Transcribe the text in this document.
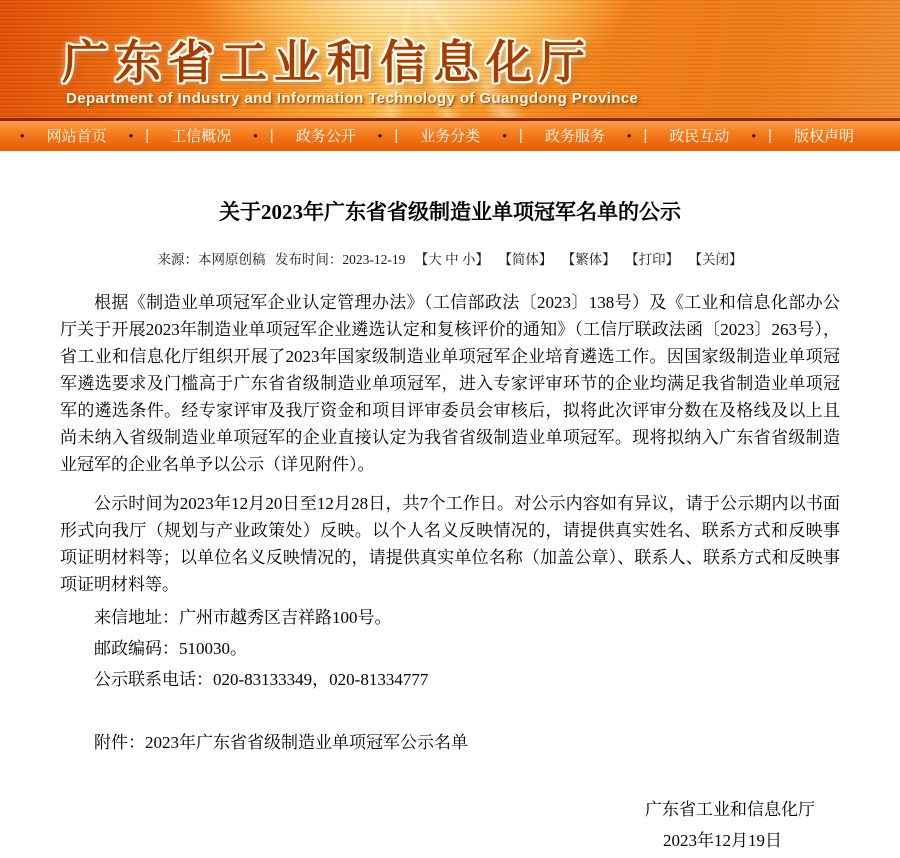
广东省工业和信息化厅
Department of Industry and Information Technology of Guangdong Province
•	网站首页	• |	工信概况	• |	政务公开	• |	业务分类	• |	政务服务	• |	政民互动	• |	版权声明
关于2023年广东省省级制造业单项冠军名单的公示
来源：本网原创稿 发布时间：2023-12-19 【大 中 小】 【简体】 【繁体】 【打印】 【关闭】

根据《制造业单项冠军企业认定管理办法》（工信部政法〔2023〕138号）及《工业和信息化部办公厅关于开展2023年制造业单项冠军企业遴选认定和复核评价的通知》（工信厅联政法函〔2023〕263号），省工业和信息化厅组织开展了2023年国家级制造业单项冠军企业培育遴选工作。因国家级制造业单项冠军遴选要求及门槛高于广东省省级制造业单项冠军，进入专家评审环节的企业均满足我省制造业单项冠军的遴选条件。经专家评审及我厅资金和项目评审委员会审核后，拟将此次评审分数在及格线及以上且尚未纳入省级制造业单项冠军的企业直接认定为我省省级制造业单项冠军。现将拟纳入广东省省级制造业冠军的企业名单予以公示（详见附件）。

公示时间为2023年12月20日至12月28日，共7个工作日。对公示内容如有异议，请于公示期内以书面形式向我厅（规划与产业政策处）反映。以个人名义反映情况的，请提供真实姓名、联系方式和反映事项证明材料等；以单位名义反映情况的，请提供真实单位名称（加盖公章）、联系人、联系方式和反映事项证明材料等。

来信地址：广州市越秀区吉祥路100号。

邮政编码：510030。

公示联系电话：020-83133349，020-81334777

附件：2023年广东省省级制造业单项冠军公示名单

广东省工业和信息化厅
2023年12月19日
